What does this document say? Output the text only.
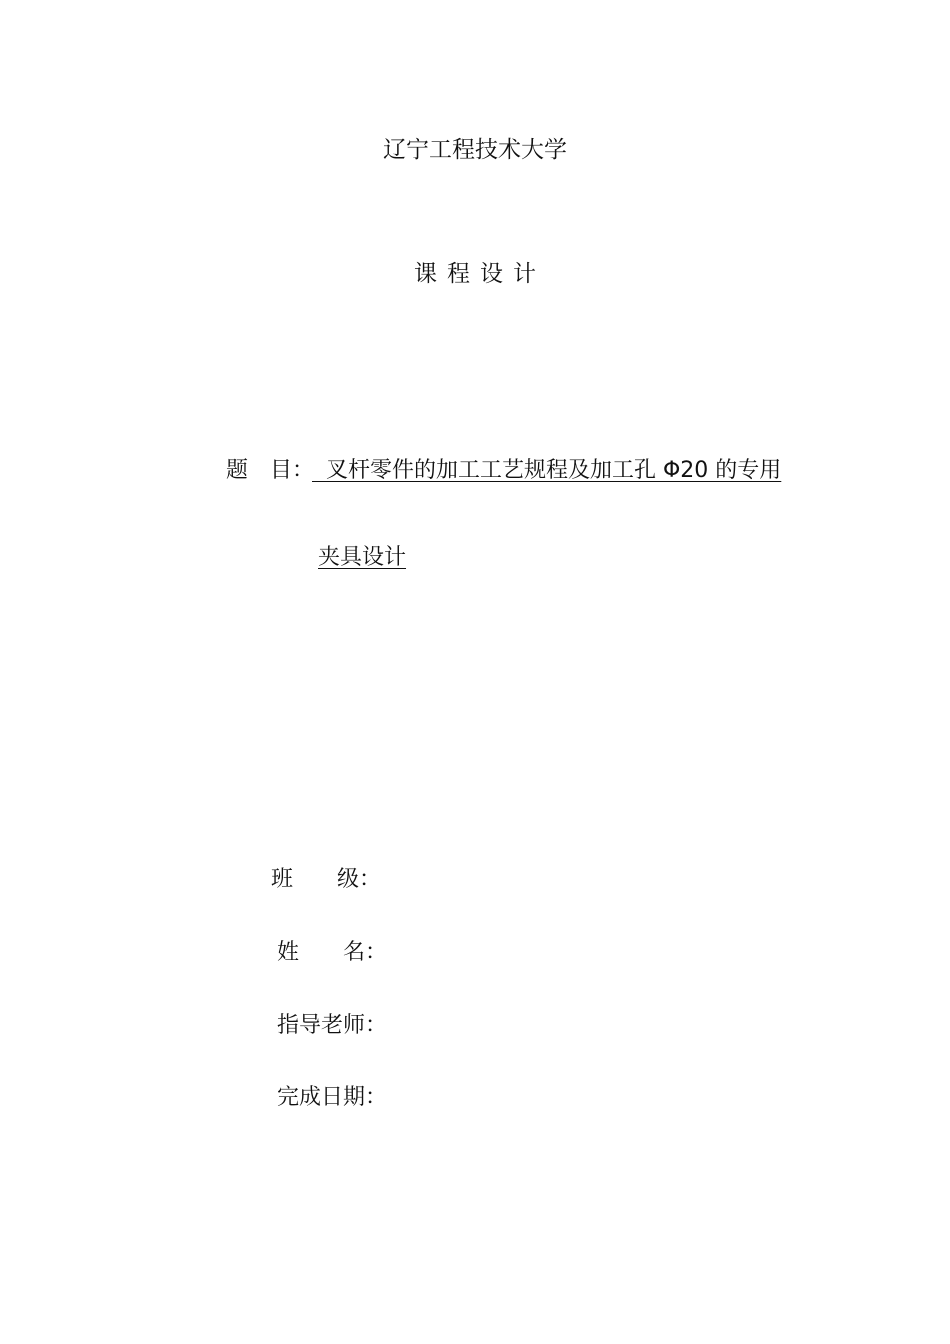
辽宁工程技术大学
课程设计
题　目：
叉杆零件的加工工艺规程及加工孔 Φ20 的专用
夹具设计
班　　级：
姓　　名：
指导老师：
完成日期：
